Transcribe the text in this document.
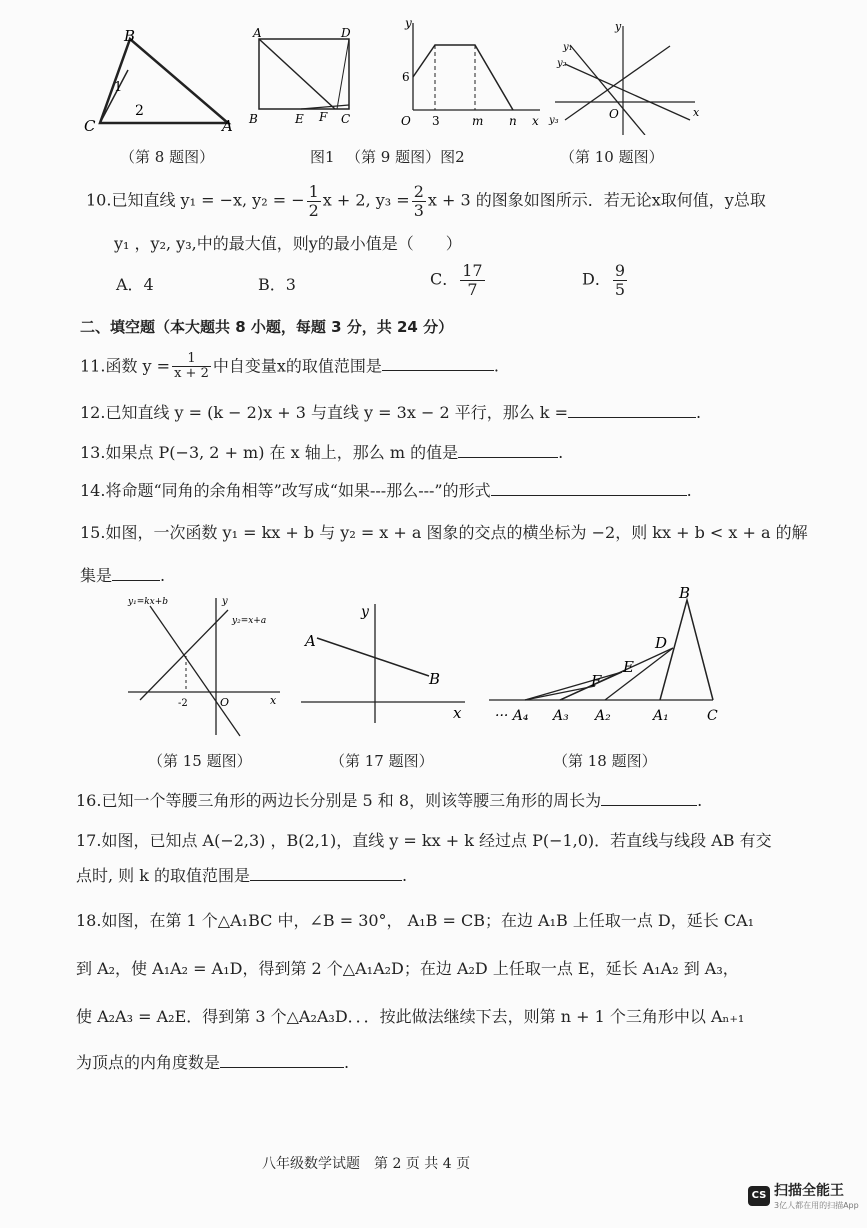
B
C	A
1
2
A	D
B	E F C
y
x
O
6
3	m n
y
x
O
y₁
y₂
y₃
（第 8 题图）	图1 （第 9 题图）图2	（第 10 题图）
10.已知直线 y₁ = −x, y₂ = − $\frac{1}{2}$ x + 2, $y_3 = \frac{2}{3}$ x + 3 的图象如图所示．若无论x取何值，y总取
y₁ ，y₂, y₃,中的最大值，则y的最小值是（　　）
A．4	B．3	C． $\frac{17}{7}$	D． $\frac{9}{5}$
二、填空题（本大题共 8 小题，每题 3 分，共 24 分）
11.函数 $y = \frac{1}{x + 2}$ 中自变量x的取值范围是	.
12.已知直线 y = (k − 2)x + 3 与直线 y = 3x − 2 平行，那么 k =	.
13.如果点 P(−3, 2 + m) 在 x 轴上，那么 m 的值是	.
14.将命题“同角的余角相等”改写成“如果---那么---”的形式	.
15.如图，一次函数 y₁ = kx + b 与 y₂ = x + a 图象的交点的横坐标为 −2，则 kx + b < x + a 的解
集是	.
y₁=kx+b
y₂=x+a
y
x
O
-2
y
x
A
B
B
D
E
F
··· A₄ A₃ A₂	A₁	C
（第 15 题图）	（第 17 题图）	（第 18 题图）
16.已知一个等腰三角形的两边长分别是 5 和 8，则该等腰三角形的周长为	.
17.如图，已知点 A(−2,3) ，B(2,1)，直线 y = kx + k 经过点 P(−1,0)．若直线与线段 AB 有交
点时, 则 k 的取值范围是	.
18.如图，在第 1 个△A₁BC 中，∠B = 30°， A₁B = CB；在边 A₁B 上任取一点 D，延长 CA₁
到 A₂，使 A₁A₂ = A₁D，得到第 2 个△A₁A₂D；在边 A₂D 上任取一点 E，延长 A₁A₂ 到 A₃，
使 A₂A₃ = A₂E．得到第 3 个△A₂A₃D．．．按此做法继续下去，则第 n + 1 个三角形中以 Aₙ₊₁
为顶点的内角度数是	.
八年级数学试题　第 2 页 共 4 页
CS 扫描全能王
3亿人都在用的扫描App
